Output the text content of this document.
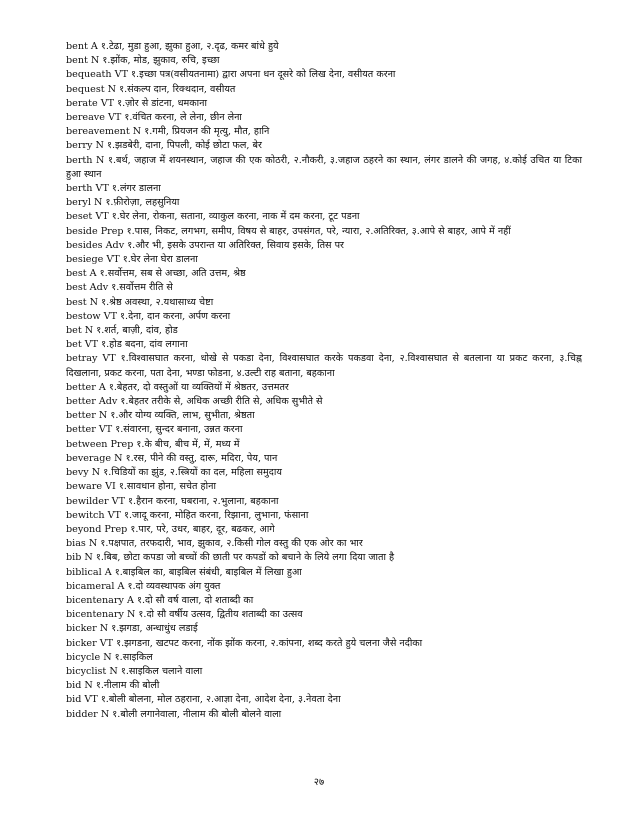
bent A १.टेढा, मुडा हुआ, झुका हुआ, २.दृढ, कमर बांधे हुये

bent N १.झोंक, मोड, झुकाव, रुचि, इच्छा

bequeath VT १.इच्छा पत्र(वसीयतनामा) द्वारा अपना धन दूसरे को लिख देना, वसीयत करना

bequest N १.संकल्प दान, रिक्थदान, वसीयत

berate VT १.ज़ोर से डांटना, धमकाना

bereave VT १.वंचित करना, ले लेना, छीन लेना

bereavement N १.गमी, प्रियजन की मृत्यु, मौत, हानि

berry N १.झडबेरी, दाना, पिपली, कोई छोटा फल, बेर

berth N १.बर्थ, जहाज में शयनस्थान, जहाज की एक कोठरी, २.नौकरी, ३.जहाज ठहरने का स्थान, लंगर डालने की जगह, ४.कोई उचित या टिका हुआ स्थान

berth VT १.लंगर डालना

beryl N १.फ़ीरोज़ा, लहसुनिया

beset VT १.घेर लेना, रोकना, सताना, व्याकुल करना, नाक में दम करना, टूट पडना

beside Prep १.पास, निकट, लगभग, समीप, विषय से बाहर, उपसंगत, परे, न्यारा, २.अतिरिक्त, ३.आपे से बाहर, आपे में नहीं

besides Adv १.और भी, इसके उपरान्त या अतिरिक्त, सिवाय इसके, तिस पर

besiege VT १.घेर लेना घेरा डालना

best A १.सर्वोत्तम, सब से अच्छा, अति उत्तम, श्रेष्ठ

best Adv १.सर्वोत्तम रीति से

best N १.श्रेष्ठ अवस्था, २.यथासाध्य चेष्टा

bestow VT १.देना, दान करना, अर्पण करना

bet N १.शर्त, बाज़ी, दांव, होड

bet VT १.होड बदना, दांव लगाना

betray VT १.विश्वासघात करना, धोखे से पकडा देना, विश्वासघात करके पकडवा देना, २.विश्वासघात से बतलाना या प्रकट करना, ३.चिह्न दिखलाना, प्रकट करना, पता देना, भण्डा फोडना, ४.उल्टी राह बताना, बहकाना

better A १.बेहतर, दो वस्तुओं या व्यक्तियों में श्रेष्ठतर, उत्तमतर

better Adv १.बेहतर तरीके से, अधिक अच्छी रीति से, अधिक सुभीते से

better N १.और योग्य व्यक्ति, लाभ, सुभीता, श्रेष्ठता

better VT १.संवारना, सुन्दर बनाना, उन्नत करना

between Prep १.के बीच, बीच में, में, मध्य में

beverage N १.रस, पीने की वस्तु, दारू, मदिरा, पेय, पान

bevy N १.चिडियों का झुंड, २.स्त्रियों का दल, महिला समुदाय

beware VI १.सावधान होना, सचेत होना

bewilder VT १.हैरान करना, घबराना, २.भुलाना, बहकाना

bewitch VT १.जादू करना, मोहित करना, रिझाना, लुभाना, फंसाना

beyond Prep १.पार, परे, उधर, बाहर, दूर, बढकर, आगे

bias N १.पक्षपात, तरफदारी, भाव, झुकाव, २.किसी गोल वस्तु की एक ओर का भार

bib N १.बिब, छोटा कपडा जो बच्चों की छाती पर कपडों को बचाने के लिये लगा दिया जाता है

biblical A १.बाइबिल का, बाइबिल संबंधी, बाइबिल में लिखा हुआ

bicameral A १.दो व्यवस्थापक अंग युक्त

bicentenary A १.दो सौ वर्ष वाला, दो शताब्दी का

bicentenary N १.दो सौ वर्षीय उत्सव, द्वितीय शताब्दी का उत्सव

bicker N १.झगडा, अन्धाधुंध लडाई

bicker VT १.झगडना, खटपट करना, नोंक झोंक करना, २.कांपना, शब्द करते हुये चलना जैसे नदीका

bicycle N १.साइकिल

bicyclist N १.साइकिल चलाने वाला

bid N १.नीलाम की बोली

bid VT १.बोली बोलना, मोल ठहराना, २.आज्ञा देना, आदेश देना, ३.नेवता देना

bidder N १.बोली लगानेवाला, नीलाम की बोली बोलने वाला

२७
